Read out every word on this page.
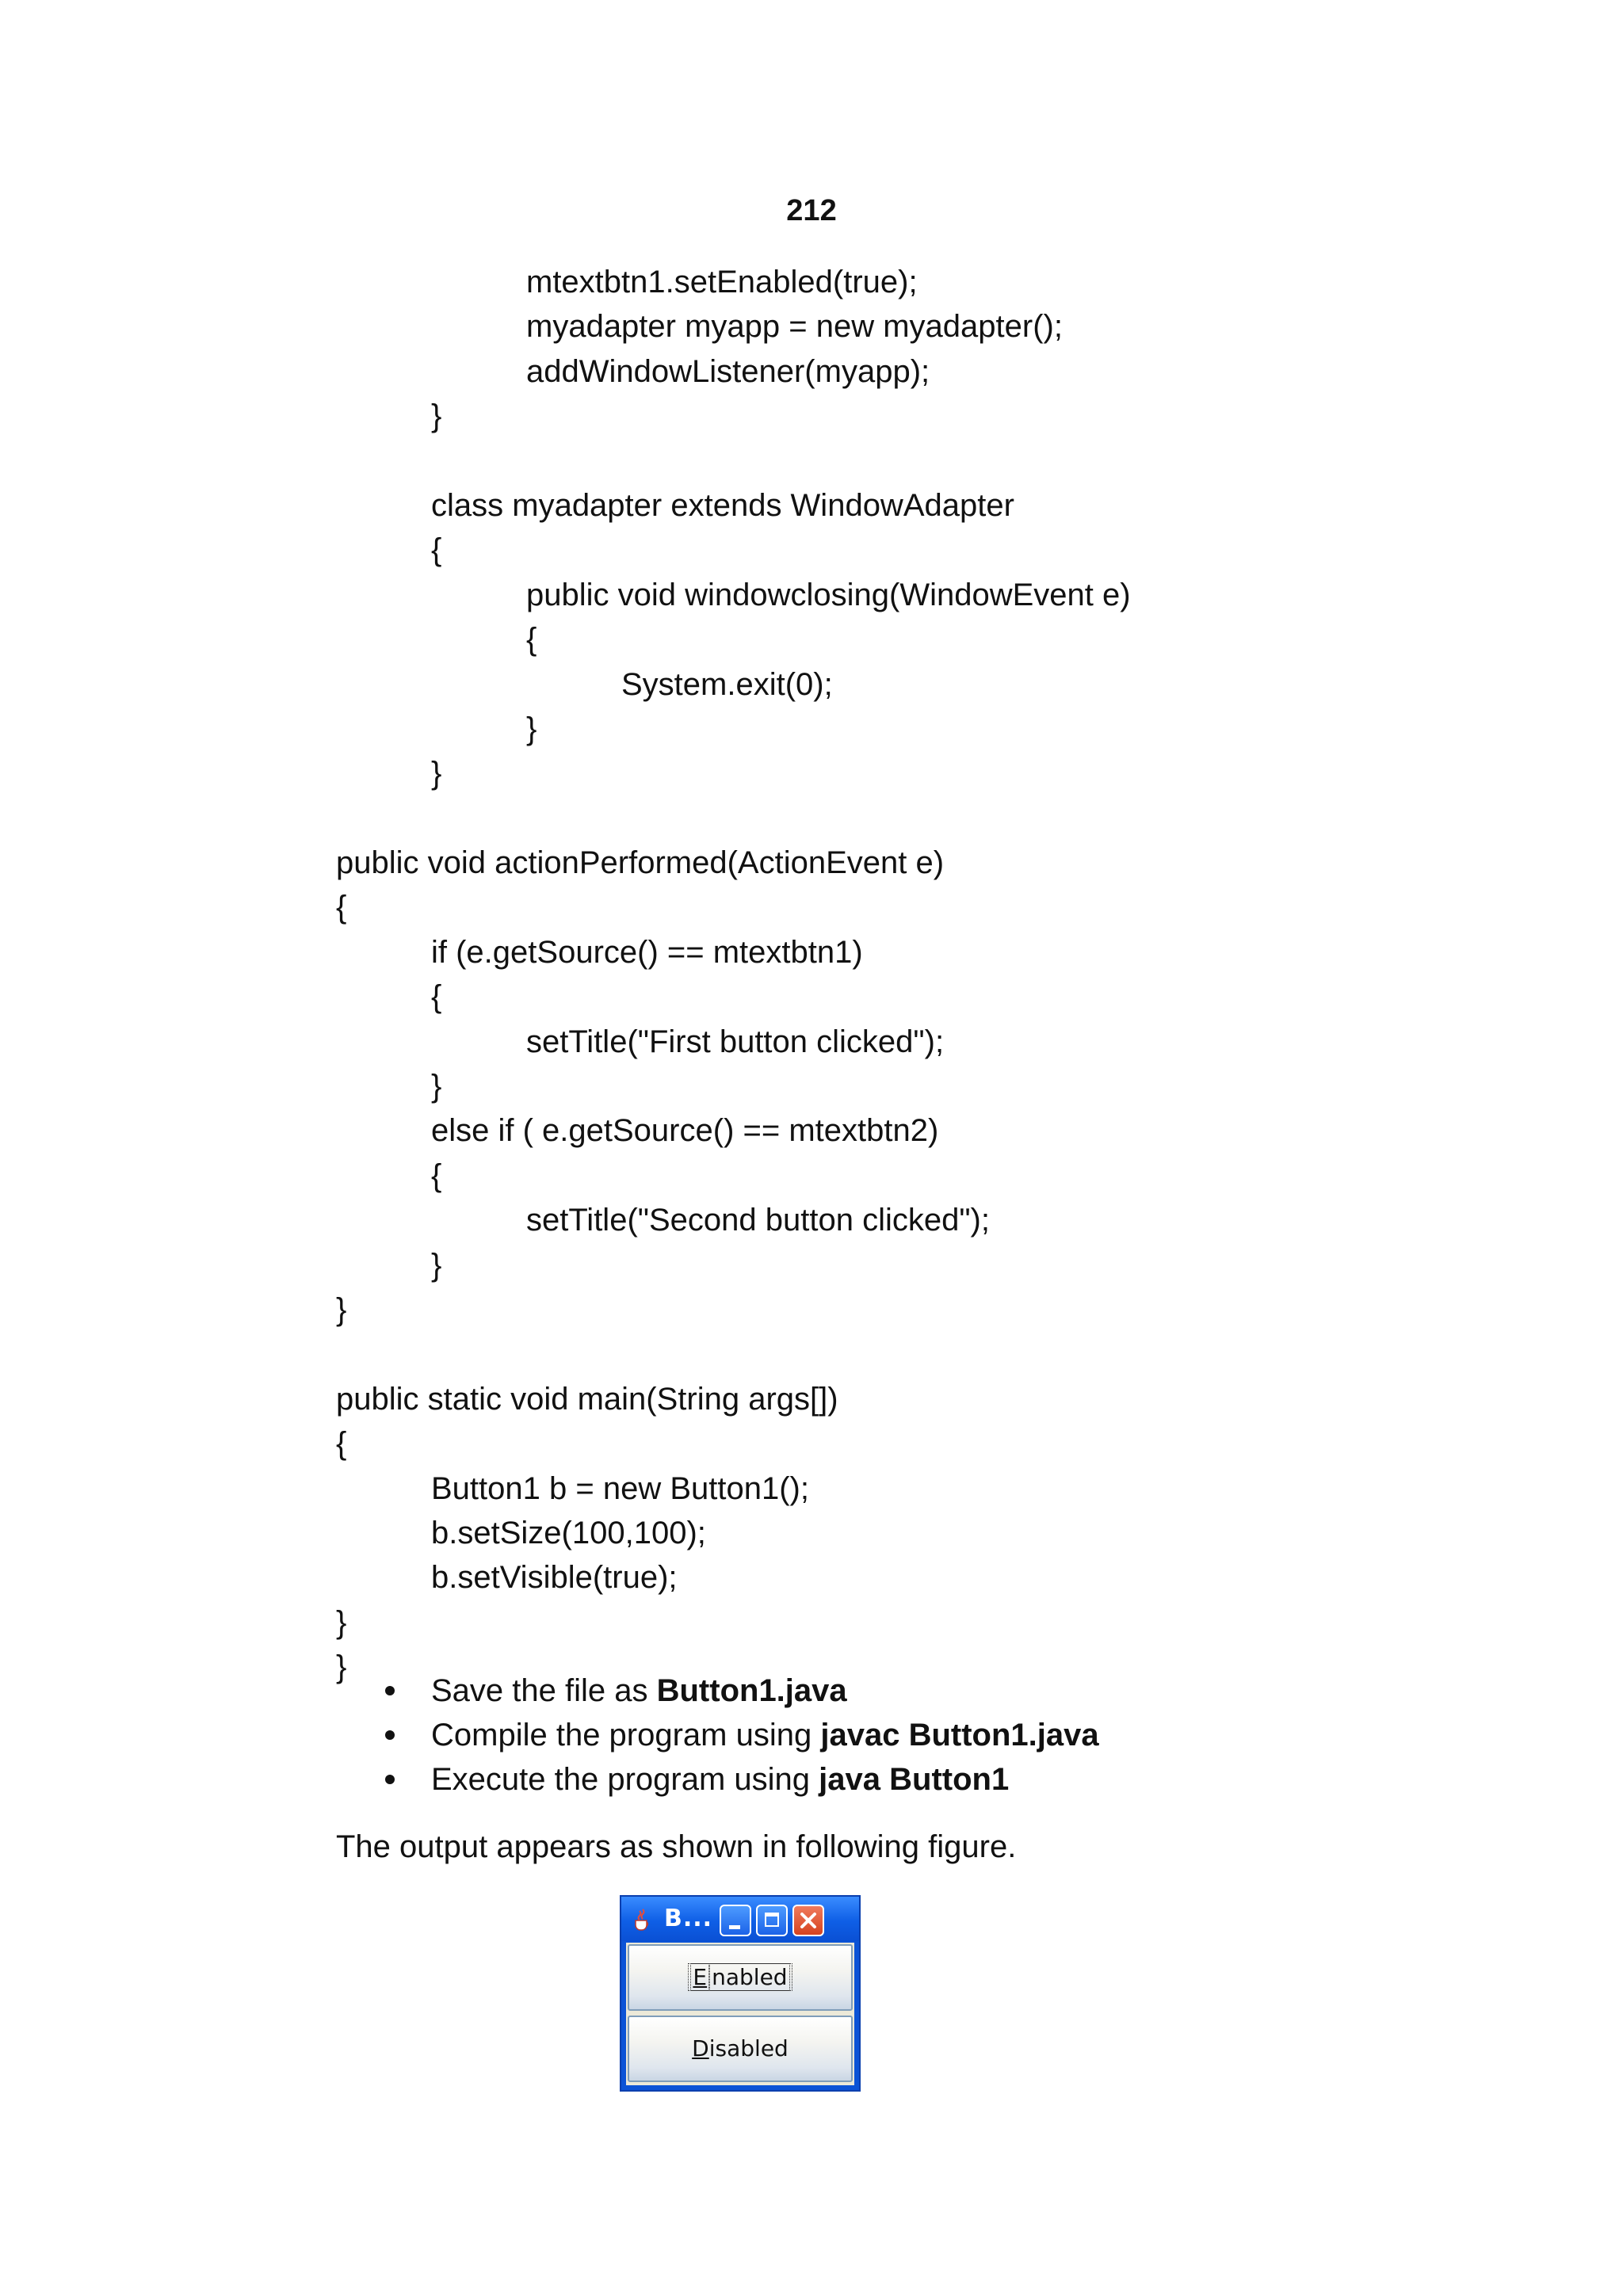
212
mtextbtn1.setEnabled(true);
myadapter myapp = new myadapter();
addWindowListener(myapp);
}
class myadapter extends WindowAdapter
{
public void windowclosing(WindowEvent e)
{
System.exit(0);
}
}
public void actionPerformed(ActionEvent e)
{
if (e.getSource() == mtextbtn1)
{
setTitle("First button clicked");
}
else if ( e.getSource() == mtextbtn2)
{
setTitle("Second button clicked");
}
}
public static void main(String args[])
{
Button1 b = new Button1();
b.setSize(100,100);
b.setVisible(true);
}
}
Save the file as Button1.java
Compile the program using javac Button1.java
Execute the program using java Button1
The output appears as shown in following figure.
B...
E nabled
Disabled
